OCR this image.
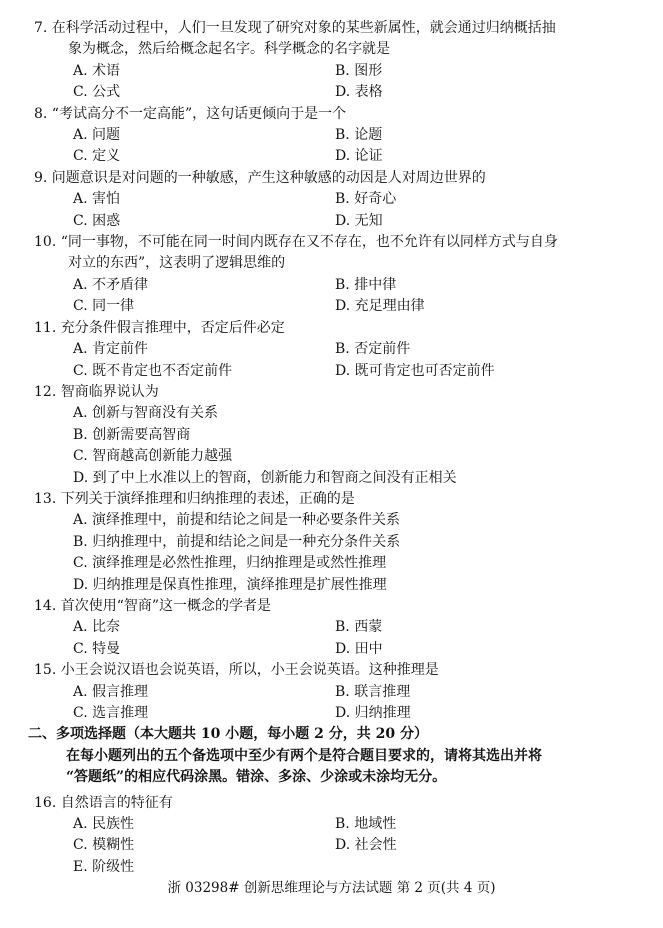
7. 在科学活动过程中，人们一旦发现了研究对象的某些新属性，就会通过归纳概括抽
象为概念，然后给概念起名字。科学概念的名字就是
A. 术语	B. 图形
C. 公式	D. 表格
8. “考试高分不一定高能”，这句话更倾向于是一个
A. 问题	B. 论题
C. 定义	D. 论证
9. 问题意识是对问题的一种敏感，产生这种敏感的动因是人对周边世界的
A. 害怕	B. 好奇心
C. 困惑	D. 无知
10. “同一事物，不可能在同一时间内既存在又不存在，也不允许有以同样方式与自身
对立的东西”，这表明了逻辑思维的
A. 不矛盾律	B. 排中律
C. 同一律	D. 充足理由律
11. 充分条件假言推理中，否定后件必定
A. 肯定前件	B. 否定前件
C. 既不肯定也不否定前件	D. 既可肯定也可否定前件
12. 智商临界说认为
A. 创新与智商没有关系
B. 创新需要高智商
C. 智商越高创新能力越强
D. 到了中上水准以上的智商，创新能力和智商之间没有正相关
13. 下列关于演绎推理和归纳推理的表述，正确的是
A. 演绎推理中，前提和结论之间是一种必要条件关系
B. 归纳推理中，前提和结论之间是一种充分条件关系
C. 演绎推理是必然性推理，归纳推理是或然性推理
D. 归纳推理是保真性推理，演绎推理是扩展性推理
14. 首次使用“智商”这一概念的学者是
A. 比奈	B. 西蒙
C. 特曼	D. 田中
15. 小王会说汉语也会说英语，所以，小王会说英语。这种推理是
A. 假言推理	B. 联言推理
C. 选言推理	D. 归纳推理
二、多项选择题（本大题共 10 小题，每小题 2 分，共 20 分）
在每小题列出的五个备选项中至少有两个是符合题目要求的，请将其选出并将
“答题纸”的相应代码涂黑。错涂、多涂、少涂或未涂均无分。
16. 自然语言的特征有
A. 民族性	B. 地域性
C. 模糊性	D. 社会性
E. 阶级性
浙 03298# 创新思维理论与方法试题 第 2 页(共 4 页)
